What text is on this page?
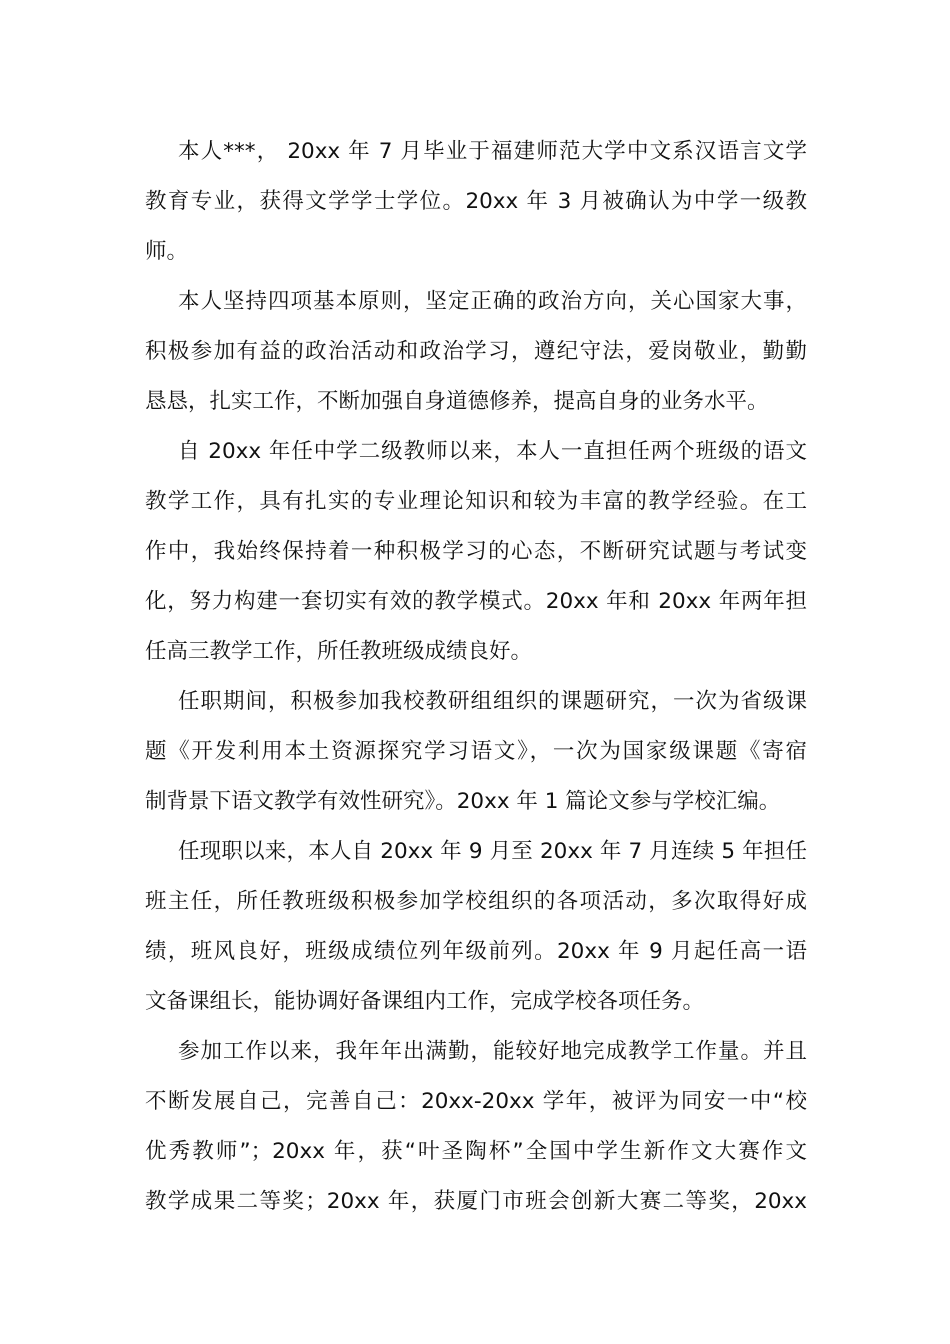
本人***， 20xx 年 7 月毕业于福建师范大学中文系汉语言文学
教育专业，获得文学学士学位。20xx 年 3 月被确认为中学一级教
师。
本人坚持四项基本原则，坚定正确的政治方向，关心国家大事，
积极参加有益的政治活动和政治学习，遵纪守法，爱岗敬业，勤勤
恳恳，扎实工作，不断加强自身道德修养，提高自身的业务水平。
自 20xx 年任中学二级教师以来，本人一直担任两个班级的语文
教学工作，具有扎实的专业理论知识和较为丰富的教学经验。在工
作中，我始终保持着一种积极学习的心态，不断研究试题与考试变
化，努力构建一套切实有效的教学模式。20xx 年和 20xx 年两年担
任高三教学工作，所任教班级成绩良好。
任职期间，积极参加我校教研组组织的课题研究，一次为省级课
题《开发利用本土资源探究学习语文》，一次为国家级课题《寄宿
制背景下语文教学有效性研究》。20xx 年 1 篇论文参与学校汇编。
任现职以来，本人自 20xx 年 9 月至 20xx 年 7 月连续 5 年担任
班主任，所任教班级积极参加学校组织的各项活动，多次取得好成
绩，班风良好，班级成绩位列年级前列。20xx 年 9 月起任高一语
文备课组长，能协调好备课组内工作，完成学校各项任务。
参加工作以来，我年年出满勤，能较好地完成教学工作量。并且
不断发展自己，完善自己：20xx-20xx 学年，被评为同安一中“校
优秀教师”；20xx 年，获“叶圣陶杯”全国中学生新作文大赛作文
教学成果二等奖；20xx 年，获厦门市班会创新大赛二等奖，20xx
